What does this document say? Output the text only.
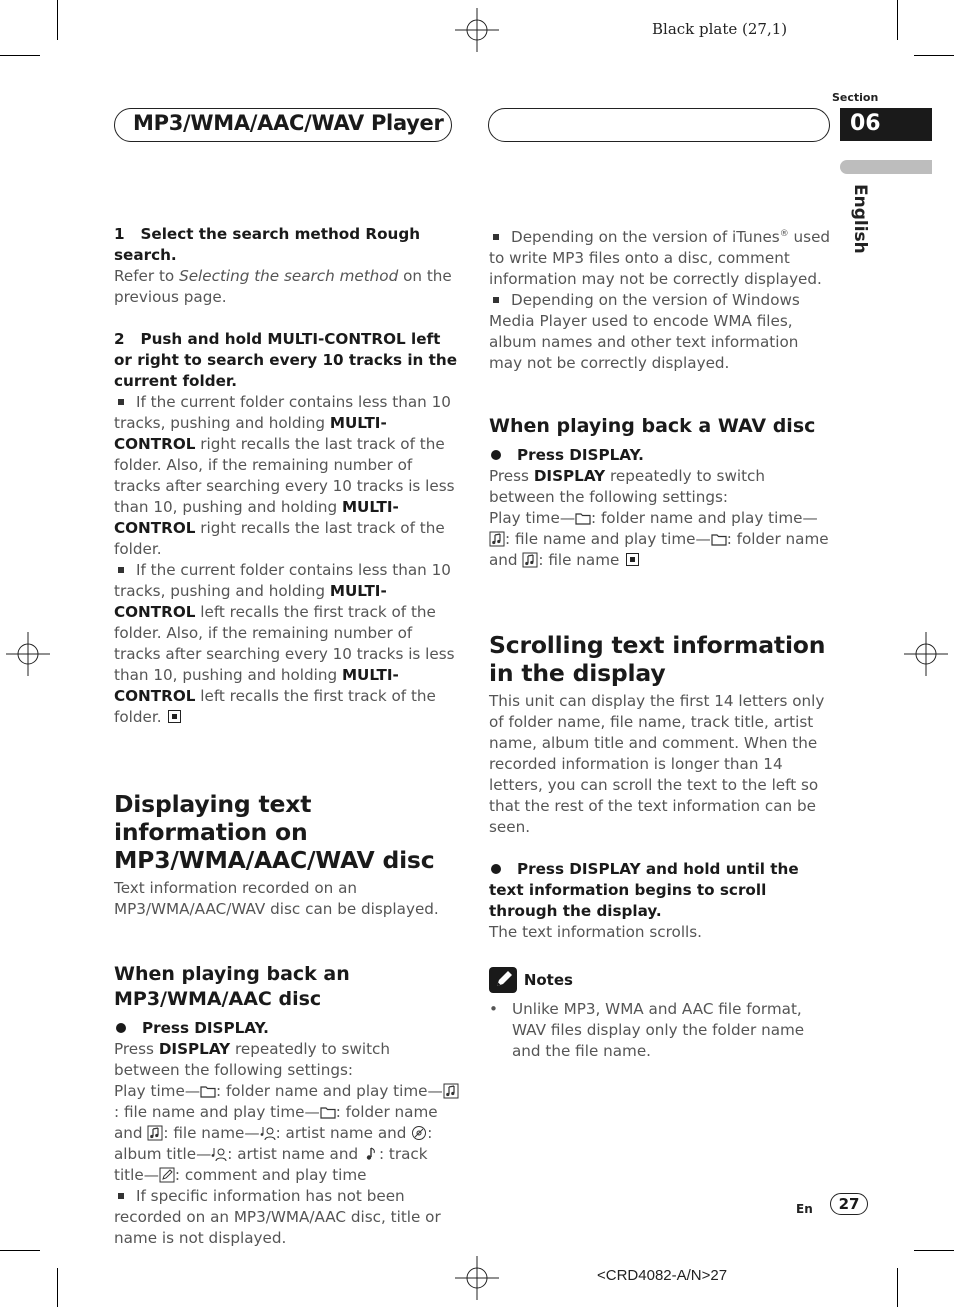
Black plate (27,1)
MP3/WMA/AAC/WAV Player
Section
06
English

1 Select the search method Rough search.

Refer to Selecting the search method on the previous page.

2 Push and hold MULTI-CONTROL left or right to search every 10 tracks in the current folder.

If the current folder contains less than 10 tracks, pushing and holding MULTI-CONTROL right recalls the last track of the folder. Also, if the remaining number of tracks after searching every 10 tracks is less than 10, pushing and holding MULTI-CONTROL right recalls the last track of the folder.

If the current folder contains less than 10 tracks, pushing and holding MULTI-CONTROL left recalls the first track of the folder. Also, if the remaining number of tracks after searching every 10 tracks is less than 10, pushing and holding MULTI-CONTROL left recalls the first track of the folder.

Displaying text information on MP3/WMA/AAC/WAV disc

Text information recorded on an MP3/WMA/AAC/WAV disc can be displayed.

When playing back an MP3/WMA/AAC disc

Press DISPLAY.

Press DISPLAY repeatedly to switch between the following settings:

Play time— : folder name and play time—: file name and play time— : folder name and : file name— : artist name and : album title— : artist name and : track title— : comment and play time

If specific information has not been recorded on an MP3/WMA/AAC disc, title or name is not displayed.

Depending on the version of iTunes® used to write MP3 files onto a disc, comment information may not be correctly displayed.

Depending on the version of Windows Media Player used to encode WMA files, album names and other text information may not be correctly displayed.

When playing back a WAV disc

Press DISPLAY.

Press DISPLAY repeatedly to switch between the following settings:

Play time— : folder name and play time—: file name and play time— : folder name and : file name

Scrolling text information in the display

This unit can display the first 14 letters only of folder name, file name, track title, artist name, album title and comment. When the recorded information is longer than 14 letters, you can scroll the text to the left so that the rest of the text information can be seen.

Press DISPLAY and hold until the text information begins to scroll through the display.

The text information scrolls.

Notes

• Unlike MP3, WMA and AAC file format, WAV files display only the folder name and the file name.

En	27
<CRD4082-A/N>27
